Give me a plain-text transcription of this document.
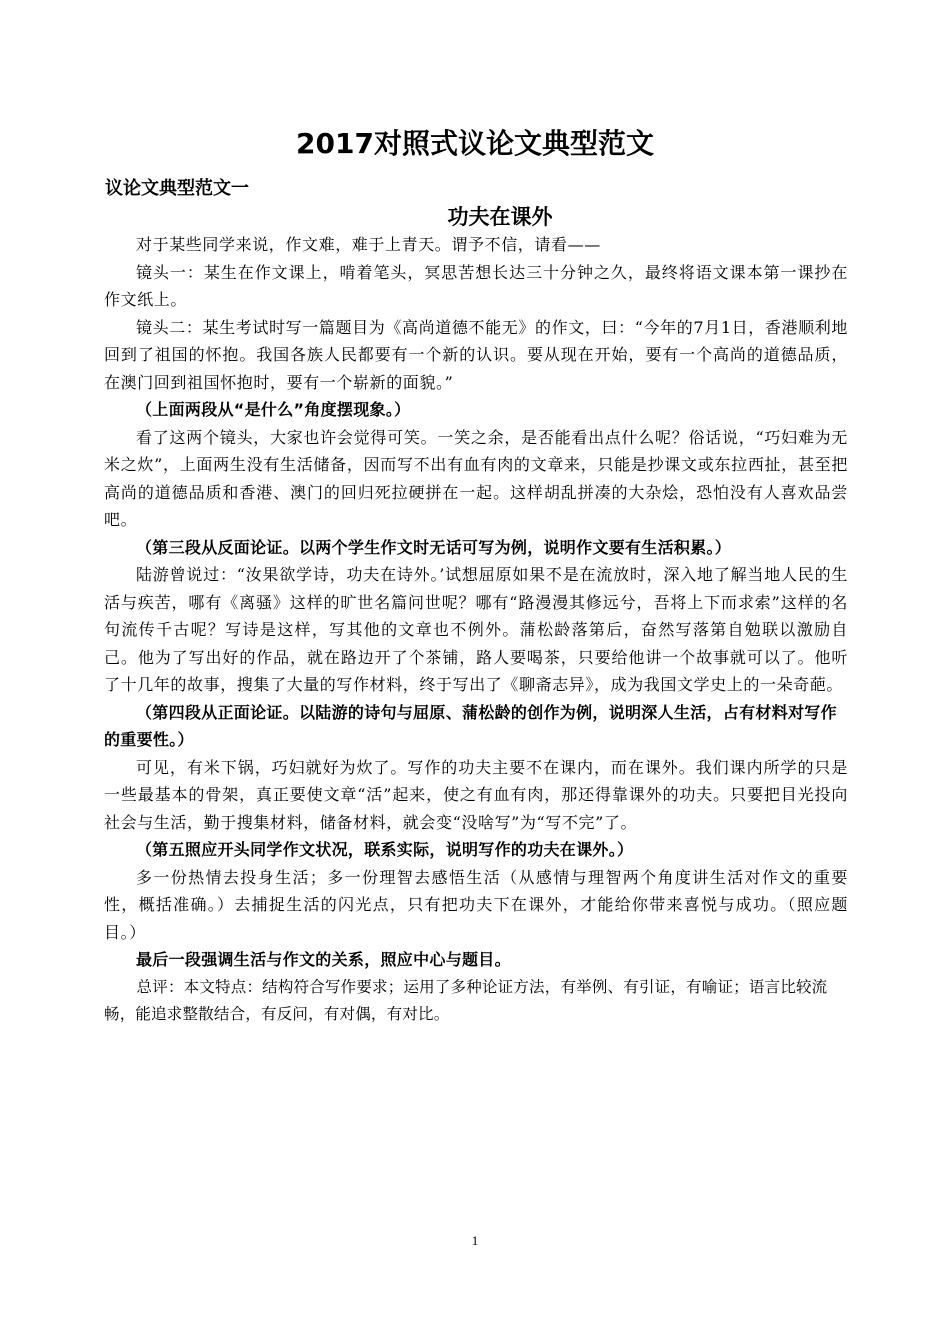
2017对照式议论文典型范文
议论文典型范文一
功夫在课外

对于某些同学来说，作文难，难于上青天。谓予不信，请看——

镜头一：某生在作文课上，啃着笔头，冥思苦想长达三十分钟之久，最终将语文课本第一课抄在作文纸上。

镜头二：某生考试时写一篇题目为《高尚道德不能无》的作文，曰：“今年的7月1日，香港顺利地回到了祖国的怀抱。我国各族人民都要有一个新的认识。要从现在开始，要有一个高尚的道德品质，在澳门回到祖国怀抱时，要有一个崭新的面貌。”

（上面两段从“是什么”角度摆现象。）

看了这两个镜头，大家也许会觉得可笑。一笑之余，是否能看出点什么呢？俗话说，“巧妇难为无米之炊”，上面两生没有生活储备，因而写不出有血有肉的文章来，只能是抄课文或东拉西扯，甚至把高尚的道德品质和香港、澳门的回归死拉硬拼在一起。这样胡乱拼凑的大杂烩，恐怕没有人喜欢品尝吧。

（第三段从反面论证。以两个学生作文时无话可写为例，说明作文要有生活积累。）

陆游曾说过：“汝果欲学诗，功夫在诗外。’试想屈原如果不是在流放时，深入地了解当地人民的生活与疾苦，哪有《离骚》这样的旷世名篇问世呢？哪有“路漫漫其修远兮，吾将上下而求索”这样的名句流传千古呢？写诗是这样，写其他的文章也不例外。蒲松龄落第后，奋然写落第自勉联以激励自己。他为了写出好的作品，就在路边开了个茶铺，路人要喝茶，只要给他讲一个故事就可以了。他听了十几年的故事，搜集了大量的写作材料，终于写出了《聊斋志异》，成为我国文学史上的一朵奇葩。

（第四段从正面论证。以陆游的诗句与屈原、蒲松龄的创作为例，说明深人生活，占有材料对写作的重要性。）

可见，有米下锅，巧妇就好为炊了。写作的功夫主要不在课内，而在课外。我们课内所学的只是一些最基本的骨架，真正要使文章“活”起来，使之有血有肉，那还得靠课外的功夫。只要把目光投向社会与生活，勤于搜集材料，储备材料，就会变“没啥写”为“写不完”了。

（第五照应开头同学作文状况，联系实际，说明写作的功夫在课外。）

多一份热情去投身生活；多一份理智去感悟生活（从感情与理智两个角度讲生活对作文的重要性，概括准确。）去捕捉生活的闪光点，只有把功夫下在课外，才能给你带来喜悦与成功。（照应题目。）

最后一段强调生活与作文的关系，照应中心与题目。

总评：本文特点：结构符合写作要求；运用了多种论证方法，有举例、有引证，有喻证；语言比较流畅，能追求整散结合，有反问，有对偶，有对比。

1
